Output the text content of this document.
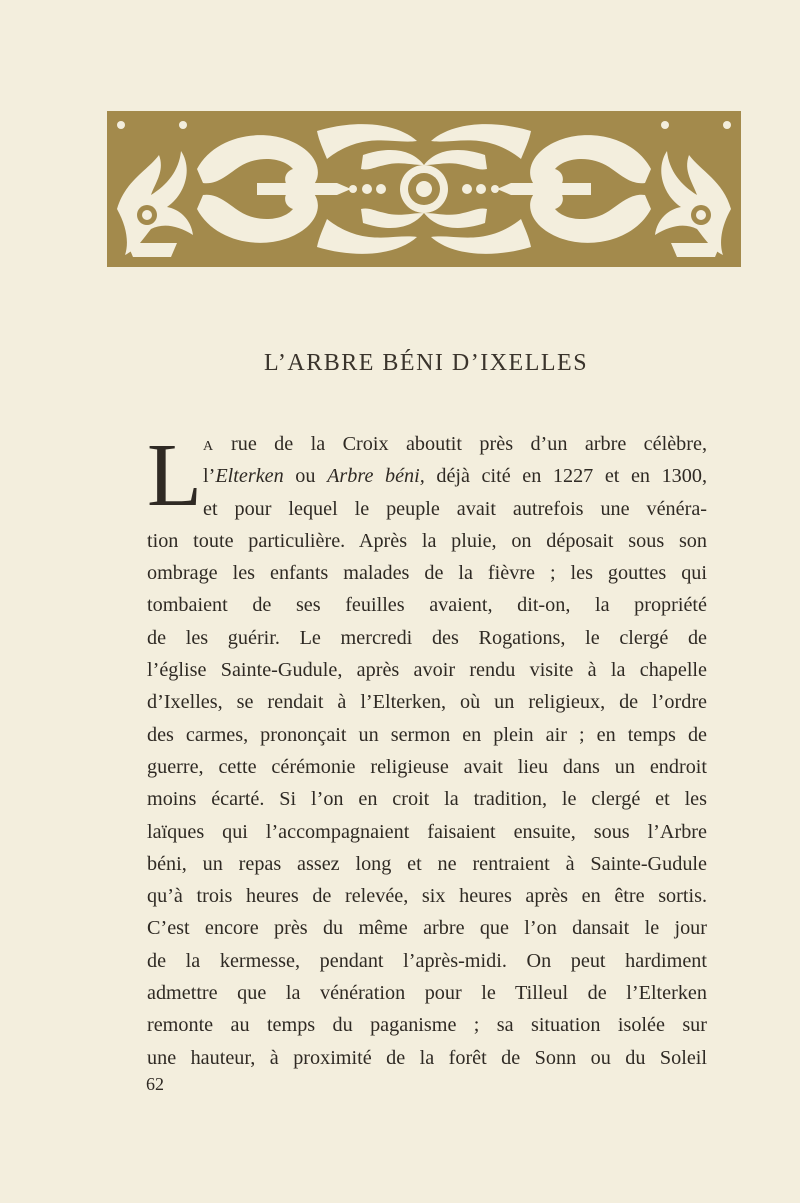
L’ARBRE BÉNI D’IXELLES
L A rue de la Croix aboutit près d’un arbre célèbre,
l’Elterken ou Arbre béni, déjà cité en 1227 et en 1300,
et pour lequel le peuple avait autrefois une vénéra-
tion toute particulière. Après la pluie, on déposait sous son
ombrage les enfants malades de la fièvre ; les gouttes qui
tombaient de ses feuilles avaient, dit-on, la propriété
de les guérir. Le mercredi des Rogations, le clergé de
l’église Sainte-Gudule, après avoir rendu visite à la chapelle
d’Ixelles, se rendait à l’Elterken, où un religieux, de l’ordre
des carmes, prononçait un sermon en plein air ; en temps de
guerre, cette cérémonie religieuse avait lieu dans un endroit
moins écarté. Si l’on en croit la tradition, le clergé et les
laïques qui l’accompagnaient faisaient ensuite, sous l’Arbre
béni, un repas assez long et ne rentraient à Sainte-Gudule
qu’à trois heures de relevée, six heures après en être sortis.
C’est encore près du même arbre que l’on dansait le jour
de la kermesse, pendant l’après-midi. On peut hardiment
admettre que la vénération pour le Tilleul de l’Elterken
remonte au temps du paganisme ; sa situation isolée sur
une hauteur, à proximité de la forêt de Sonn ou du Soleil
62
